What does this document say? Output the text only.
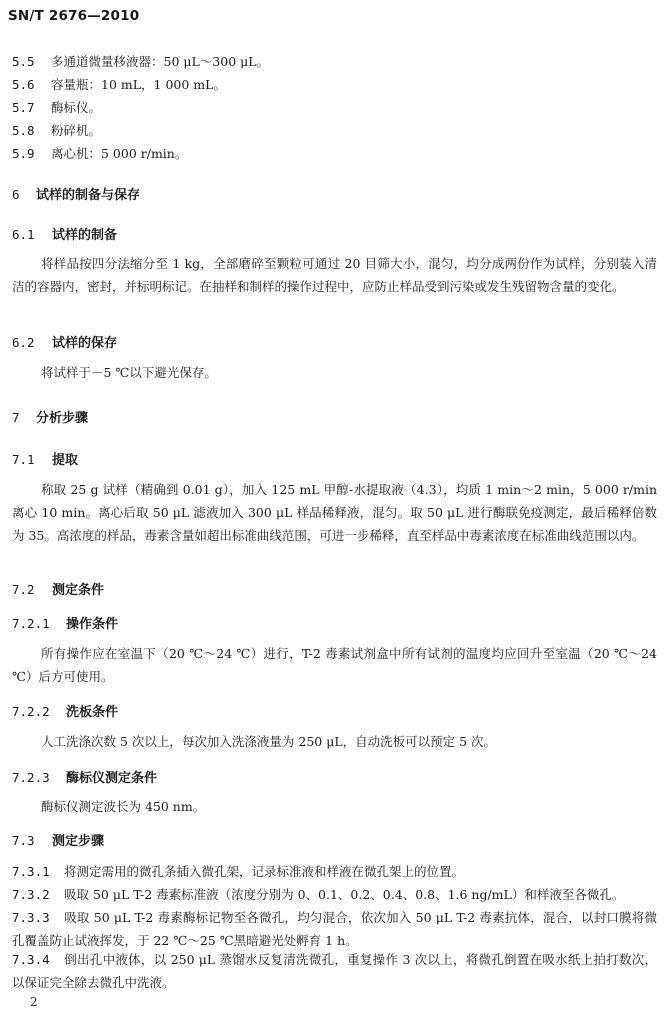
SN/T 2676—2010
5.5 多通道微量移液器：50 μL～300 μL。
5.6 容量瓶：10 mL，1 000 mL。
5.7 酶标仪。
5.8 粉碎机。
5.9 离心机：5 000 r/min。
6 试样的制备与保存
6.1 试样的制备
将样品按四分法缩分至 1 kg，全部磨碎至颗粒可通过 20 目筛大小，混匀，均分成两份作为试样，分别装入清洁的容器内，密封，并标明标记。在抽样和制样的操作过程中，应防止样品受到污染或发生残留物含量的变化。
6.2 试样的保存
将试样于－5 ℃以下避光保存。
7 分析步骤
7.1 提取
称取 25 g 试样（精确到 0.01 g），加入 125 mL 甲醇-水提取液（4.3），均质 1 min～2 min，5 000 r/min 离心 10 min。离心后取 50 μL 滤液加入 300 μL 样品稀释液，混匀。取 50 μL 进行酶联免疫测定，最后稀释倍数为 35。高浓度的样品，毒素含量如超出标准曲线范围，可进一步稀释，直至样品中毒素浓度在标准曲线范围以内。
7.2 测定条件
7.2.1 操作条件
所有操作应在室温下（20 ℃～24 ℃）进行，T-2 毒素试剂盒中所有试剂的温度均应回升至室温（20 ℃～24 ℃）后方可使用。
7.2.2 洗板条件
人工洗涤次数 5 次以上，每次加入洗涤液量为 250 μL，自动洗板可以预定 5 次。
7.2.3 酶标仪测定条件
酶标仪测定波长为 450 nm。
7.3 测定步骤
7.3.1 将测定需用的微孔条插入微孔架，记录标准液和样液在微孔架上的位置。
7.3.2 吸取 50 μL T-2 毒素标准液（浓度分别为 0、0.1、0.2、0.4、0.8、1.6 ng/mL）和样液至各微孔。
7.3.3 吸取 50 μL T-2 毒素酶标记物至各微孔，均匀混合，依次加入 50 μL T-2 毒素抗体，混合，以封口膜将微孔覆盖防止试液挥发，于 22 ℃～25 ℃黑暗避光处孵育 1 h。
7.3.4 倒出孔中液体，以 250 μL 蒸馏水反复清洗微孔，重复操作 3 次以上，将微孔倒置在吸水纸上拍打数次，以保证完全除去微孔中洗液。
2
